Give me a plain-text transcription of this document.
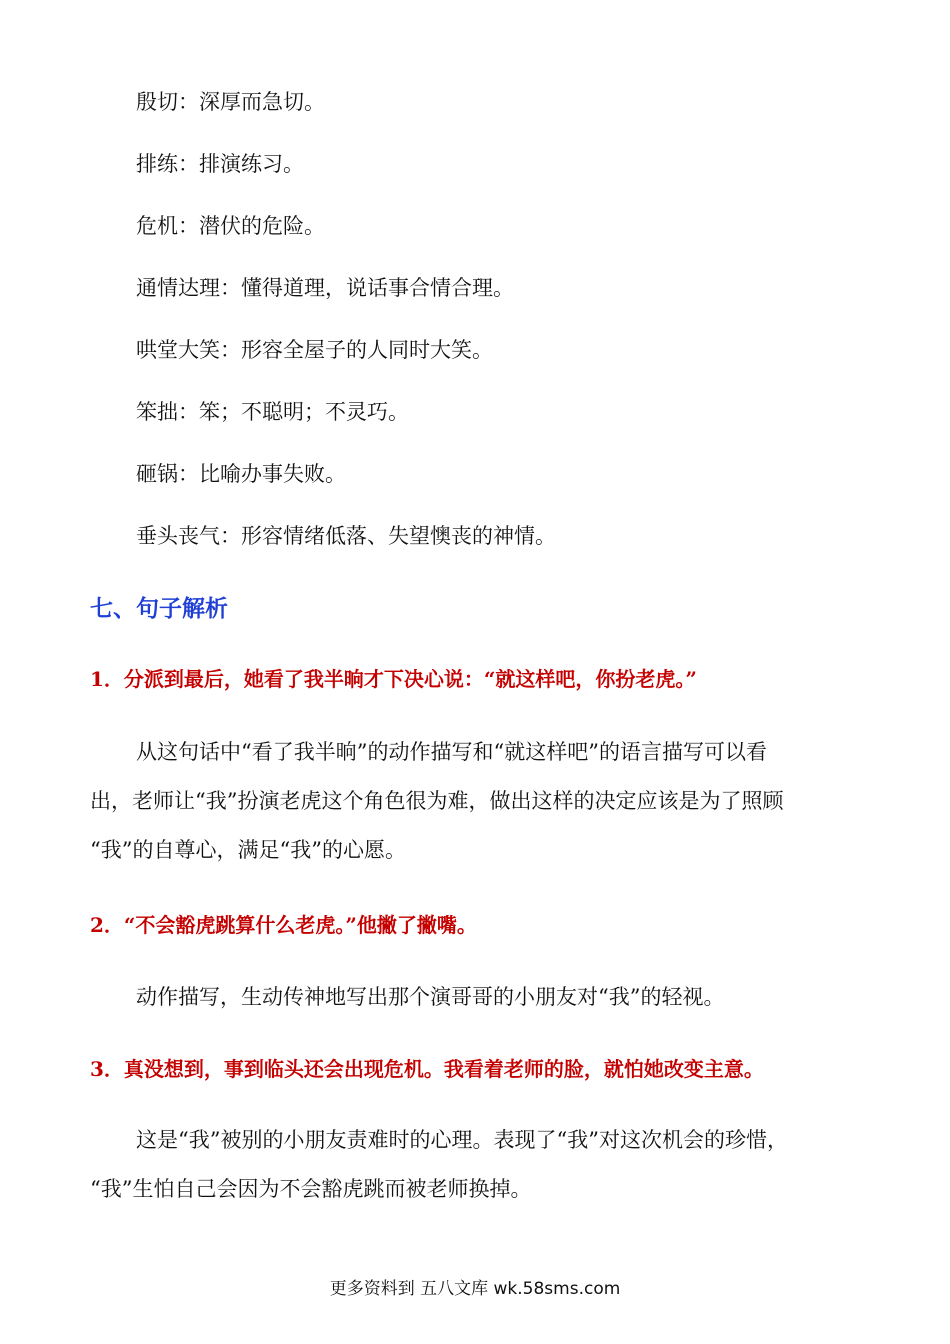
殷切：深厚而急切。
排练：排演练习。
危机：潜伏的危险。
通情达理：懂得道理，说话事合情合理。
哄堂大笑：形容全屋子的人同时大笑。
笨拙：笨；不聪明；不灵巧。
砸锅：比喻办事失败。
垂头丧气：形容情绪低落、失望懊丧的神情。
七、句子解析
1．分派到最后，她看了我半晌才下决心说：“就这样吧，你扮老虎。”
从这句话中“看了我半晌”的动作描写和“就这样吧”的语言描写可以看
出，老师让“我”扮演老虎这个角色很为难，做出这样的决定应该是为了照顾
“我”的自尊心，满足“我”的心愿。
2．“不会豁虎跳算什么老虎。”他撇了撇嘴。
动作描写，生动传神地写出那个演哥哥的小朋友对“我”的轻视。
3．真没想到，事到临头还会出现危机。我看着老师的脸，就怕她改变主意。
这是“我”被别的小朋友责难时的心理。表现了“我”对这次机会的珍惜，
“我”生怕自己会因为不会豁虎跳而被老师换掉。
更多资料到 五八文库 wk.58sms.com
